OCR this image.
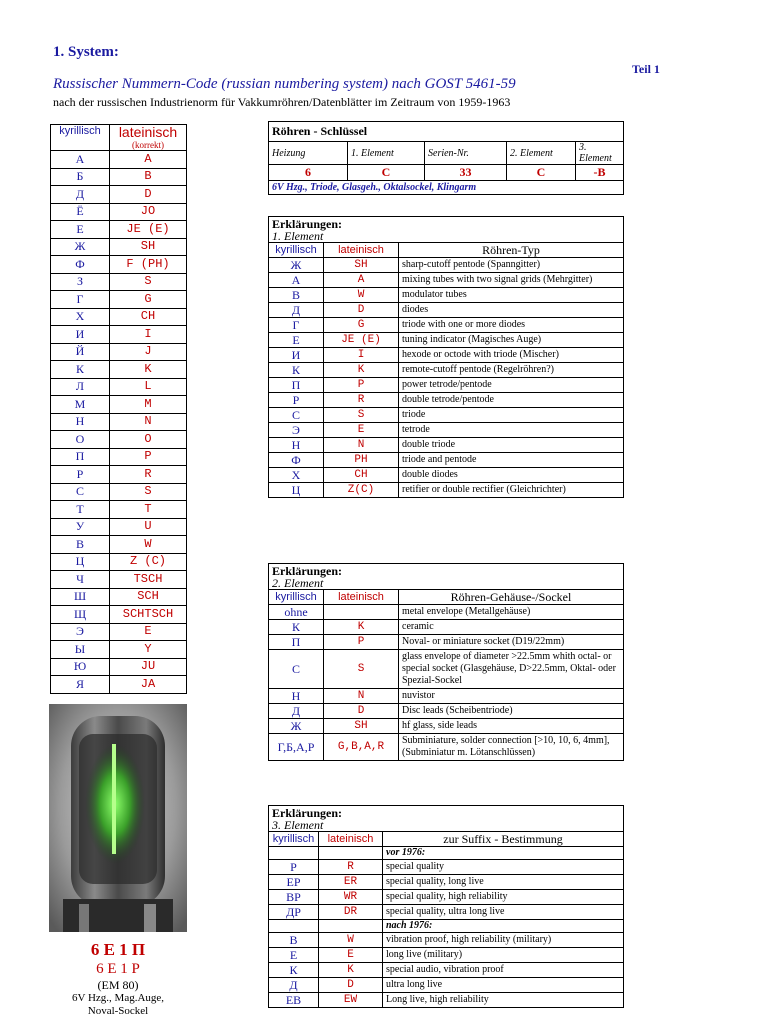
1. System:
Teil 1
Russischer Nummern-Code (russian numbering system) nach GOST 5461-59
nach der russischen Industrienorm für Vakkumröhren/Datenblätter im Zeitraum von 1959-1963
kyrillisch	lateinisch
(korrekt)

А	A
Б	B
Д	D
Ё	JO
Е	JE (E)
Ж	SH
Ф	F (PH)
З	S
Г	G
Х	CH
И	I
Й	J
К	K
Л	L
М	M
Н	N
О	O
П	P
Р	R
С	S
Т	T
У	U
В	W
Ц	Z (C)
Ч	TSCH
Ш	SCH
Щ	SCHTSCH
Э	E
Ы	Y
Ю	JU
Я	JA
Röhren - Schlüssel				
Heizung	1. Element	Serien-Nr.	2. Element	3. Element
6	C	33	C	-B
6V Hzg., Triode, Glasgeh., Oktalsockel, Klingarm				
Erklärungen:		
1. Element		
kyrillisch	lateinisch	Röhren-Typ
Ж	SH	sharp-cutoff pentode (Spanngitter)
А	A	mixing tubes with two signal grids (Mehrgitter)
В	W	modulator tubes
Д	D	diodes
Г	G	triode with one or more diodes
Е	JE (E)	tuning indicator (Magisches Auge)
И	I	hexode or octode with triode (Mischer)
К	K	remote-cutoff pentode (Regelröhren?)
П	P	power tetrode/pentode
Р	R	double tetrode/pentode
С	S	triode
Э	E	tetrode
Н	N	double triode
Ф	PH	triode and pentode
Х	CH	double diodes
Ц	Z(C)	retifier or double rectifier (Gleichrichter)
Erklärungen:		
2. Element		
kyrillisch	lateinisch	Röhren-Gehäuse-/Sockel
ohne		metal envelope (Metallgehäuse)
К	K	ceramic
П	P	Noval- or miniature socket (D19/22mm)
С	S	glass envelope of diameter >22.5mm whith octal- or special socket (Glasgehäuse, D>22.5mm, Oktal- oder Spezial-Sockel
Н	N	nuvistor
Д	D	Disc leads (Scheibentriode)
Ж	SH	hf glass, side leads
Г,Б,А,Р	G,B,A,R	Subminiature, solder connection [>10, 10, 6, 4mm], (Subminiatur m. Lötanschlüssen)
Erklärungen:		
3. Element		
kyrillisch	lateinisch	zur Suffix - Bestimmung
		vor 1976:
Р	R	special quality
ЕР	ER	special quality, long live
ВР	WR	special quality, high reliability
ДР	DR	special quality, ultra long live
		nach 1976:
В	W	vibration proof, high reliability (military)
Е	E	long live (military)
К	K	special audio, vibration proof
Д	D	ultra long live
ЕВ	EW	Long live, high reliability
6 Е 1 П
6 E 1 P
(EM 80)
6V Hzg., Mag.Auge,
Noval-Sockel
